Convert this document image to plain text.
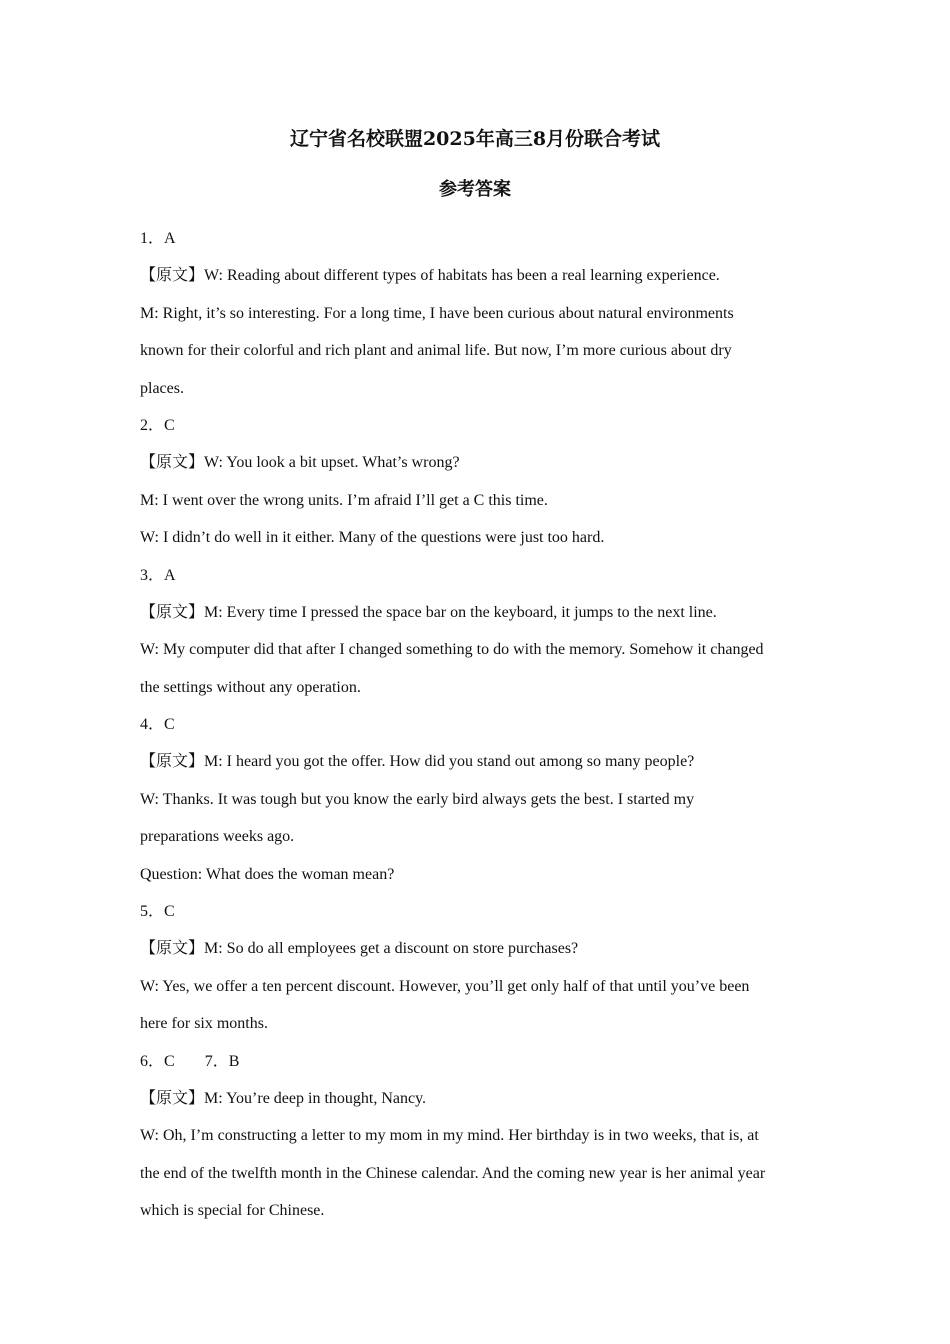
辽宁省名校联盟2025年高三8月份联合考试
参考答案
1．A
【原文】W: Reading about different types of habitats has been a real learning experience.
M: Right, it’s so interesting. For a long time, I have been curious about natural environments
known for their colorful and rich plant and animal life. But now, I’m more curious about dry
places.
2．C
【原文】W: You look a bit upset. What’s wrong?
M: I went over the wrong units. I’m afraid I’ll get a C this time.
W: I didn’t do well in it either. Many of the questions were just too hard.
3．A
【原文】M: Every time I pressed the space bar on the keyboard, it jumps to the next line.
W: My computer did that after I changed something to do with the memory. Somehow it changed
the settings without any operation.
4．C
【原文】M: I heard you got the offer. How did you stand out among so many people?
W: Thanks. It was tough but you know the early bird always gets the best. I started my
preparations weeks ago.
Question: What does the woman mean?
5．C
【原文】M: So do all employees get a discount on store purchases?
W: Yes, we offer a ten percent discount. However, you’ll get only half of that until you’ve been
here for six months.
6．C 7．B
【原文】M: You’re deep in thought, Nancy.
W: Oh, I’m constructing a letter to my mom in my mind. Her birthday is in two weeks, that is, at
the end of the twelfth month in the Chinese calendar. And the coming new year is her animal year
which is special for Chinese.
